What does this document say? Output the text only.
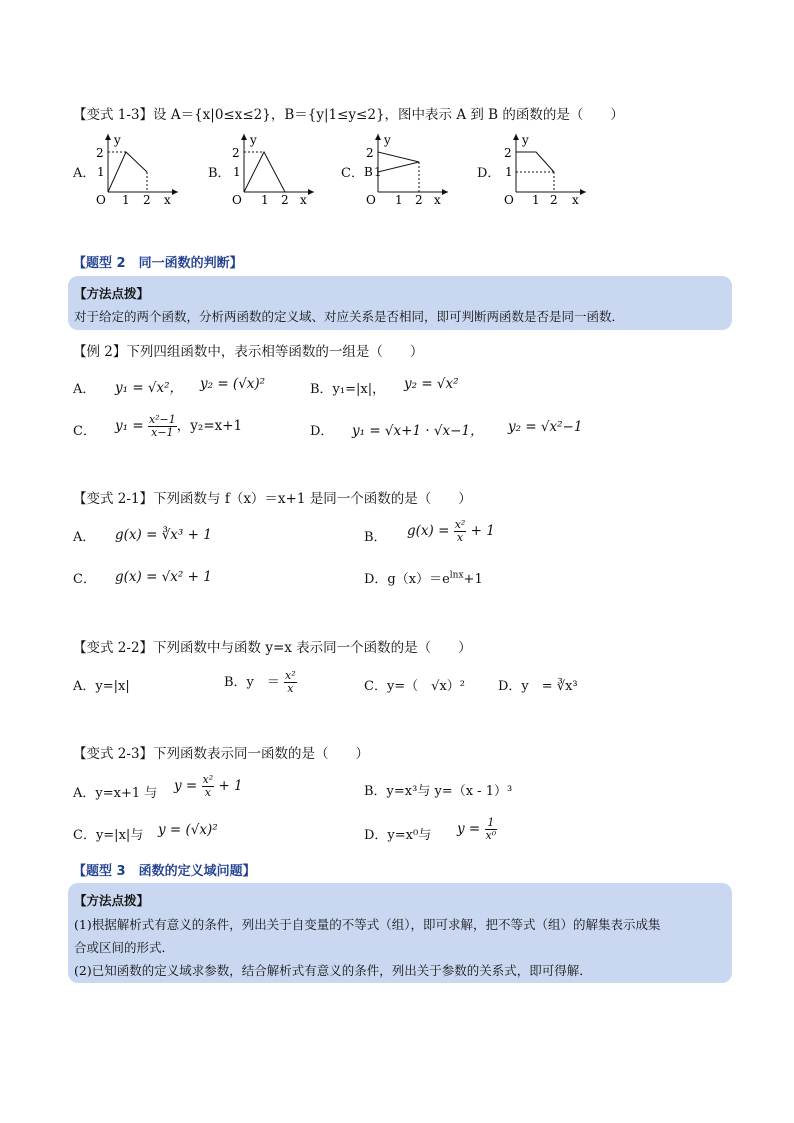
【变式 1-3】设 A＝{x|0≤x≤2}，B＝{y|1≤y≤2}，图中表示 A 到 B 的函数的是（　　）
A．
y
O 1 2 x
2
1	B．
y
O 1 2 x
2
1	C．
y
O 1 2 x
2
1
B	D．
y
O 1 2 x
2
1
【题型 2　同一函数的判断】
【方法点拨】
对于给定的两个函数，分析两函数的定义域、对应关系是否相同，即可判断两函数是否是同一函数．
【例 2】下列四组函数中，表示相等函数的一组是（　　）
A． y₁ = √x²， y₂ = (√x)²	B．y₁=|x|， y₂ = √x²
C． $y_1 = \frac{\text{x²−1}}{x-1}$ ，y₂=x+1	D． y₁ = √x+1 · √x−1， y₂ = √x²−1
【变式 2-1】下列函数与 f（x）＝x+1 是同一个函数的是（　　）
A． g(x) = ∛x³ + 1	B． $g(x) = \frac{\text{x²}}{x} + 1$
C． g(x) = √x² + 1	D．$g(x)=e^{lnx}+1$
【变式 2-2】下列函数中与函数 y=x 表示同一个函数的是（　　）
A．y=|x|	B．y　＝ $\frac{\text{x²}}{x}$	C．y=（　√x）²	D．y　= ∛x³
【变式 2-3】下列函数表示同一函数的是（　　）
A．y=x+1 与 $y = \frac{\text{x²}}{x} + 1$	B．y=x³与 y=（x - 1）³
C．y=|x|与 y = (√x)²	D．y=x⁰与 $y = \frac{1}{\text{x⁰}}$
【题型 3　函数的定义域问题】
【方法点拨】
(1)根据解析式有意义的条件，列出关于自变量的不等式（组），即可求解，把不等式（组）的解集表示成集
合或区间的形式．
(2)已知函数的定义域求参数，结合解析式有意义的条件，列出关于参数的关系式，即可得解．
